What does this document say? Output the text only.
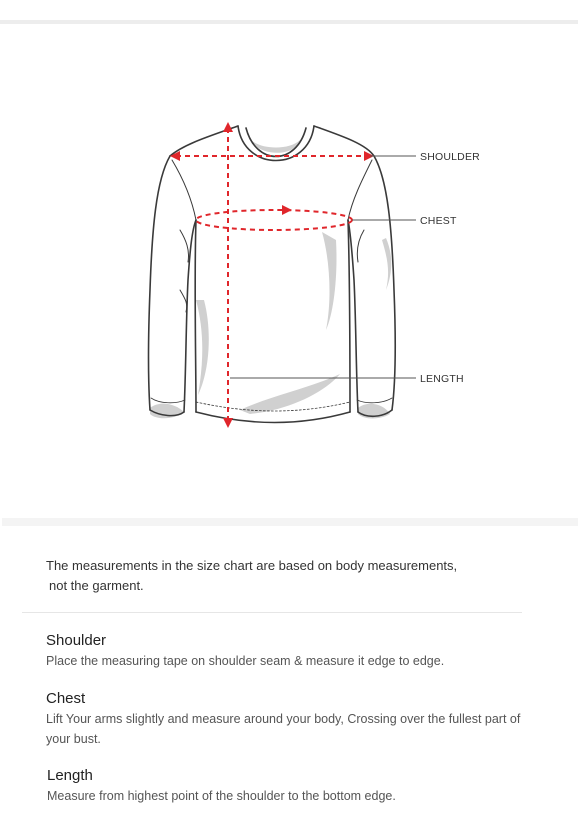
SHOULDER
CHEST
LENGTH
The measurements in the size chart are based on body measurements,
not the garment.
Shoulder

Place the measuring tape on shoulder seam & measure it edge to edge.

Chest

Lift Your arms slightly and measure around your body, Crossing over the fullest part of your bust.

Length

Measure from highest point of the shoulder to the bottom edge.
